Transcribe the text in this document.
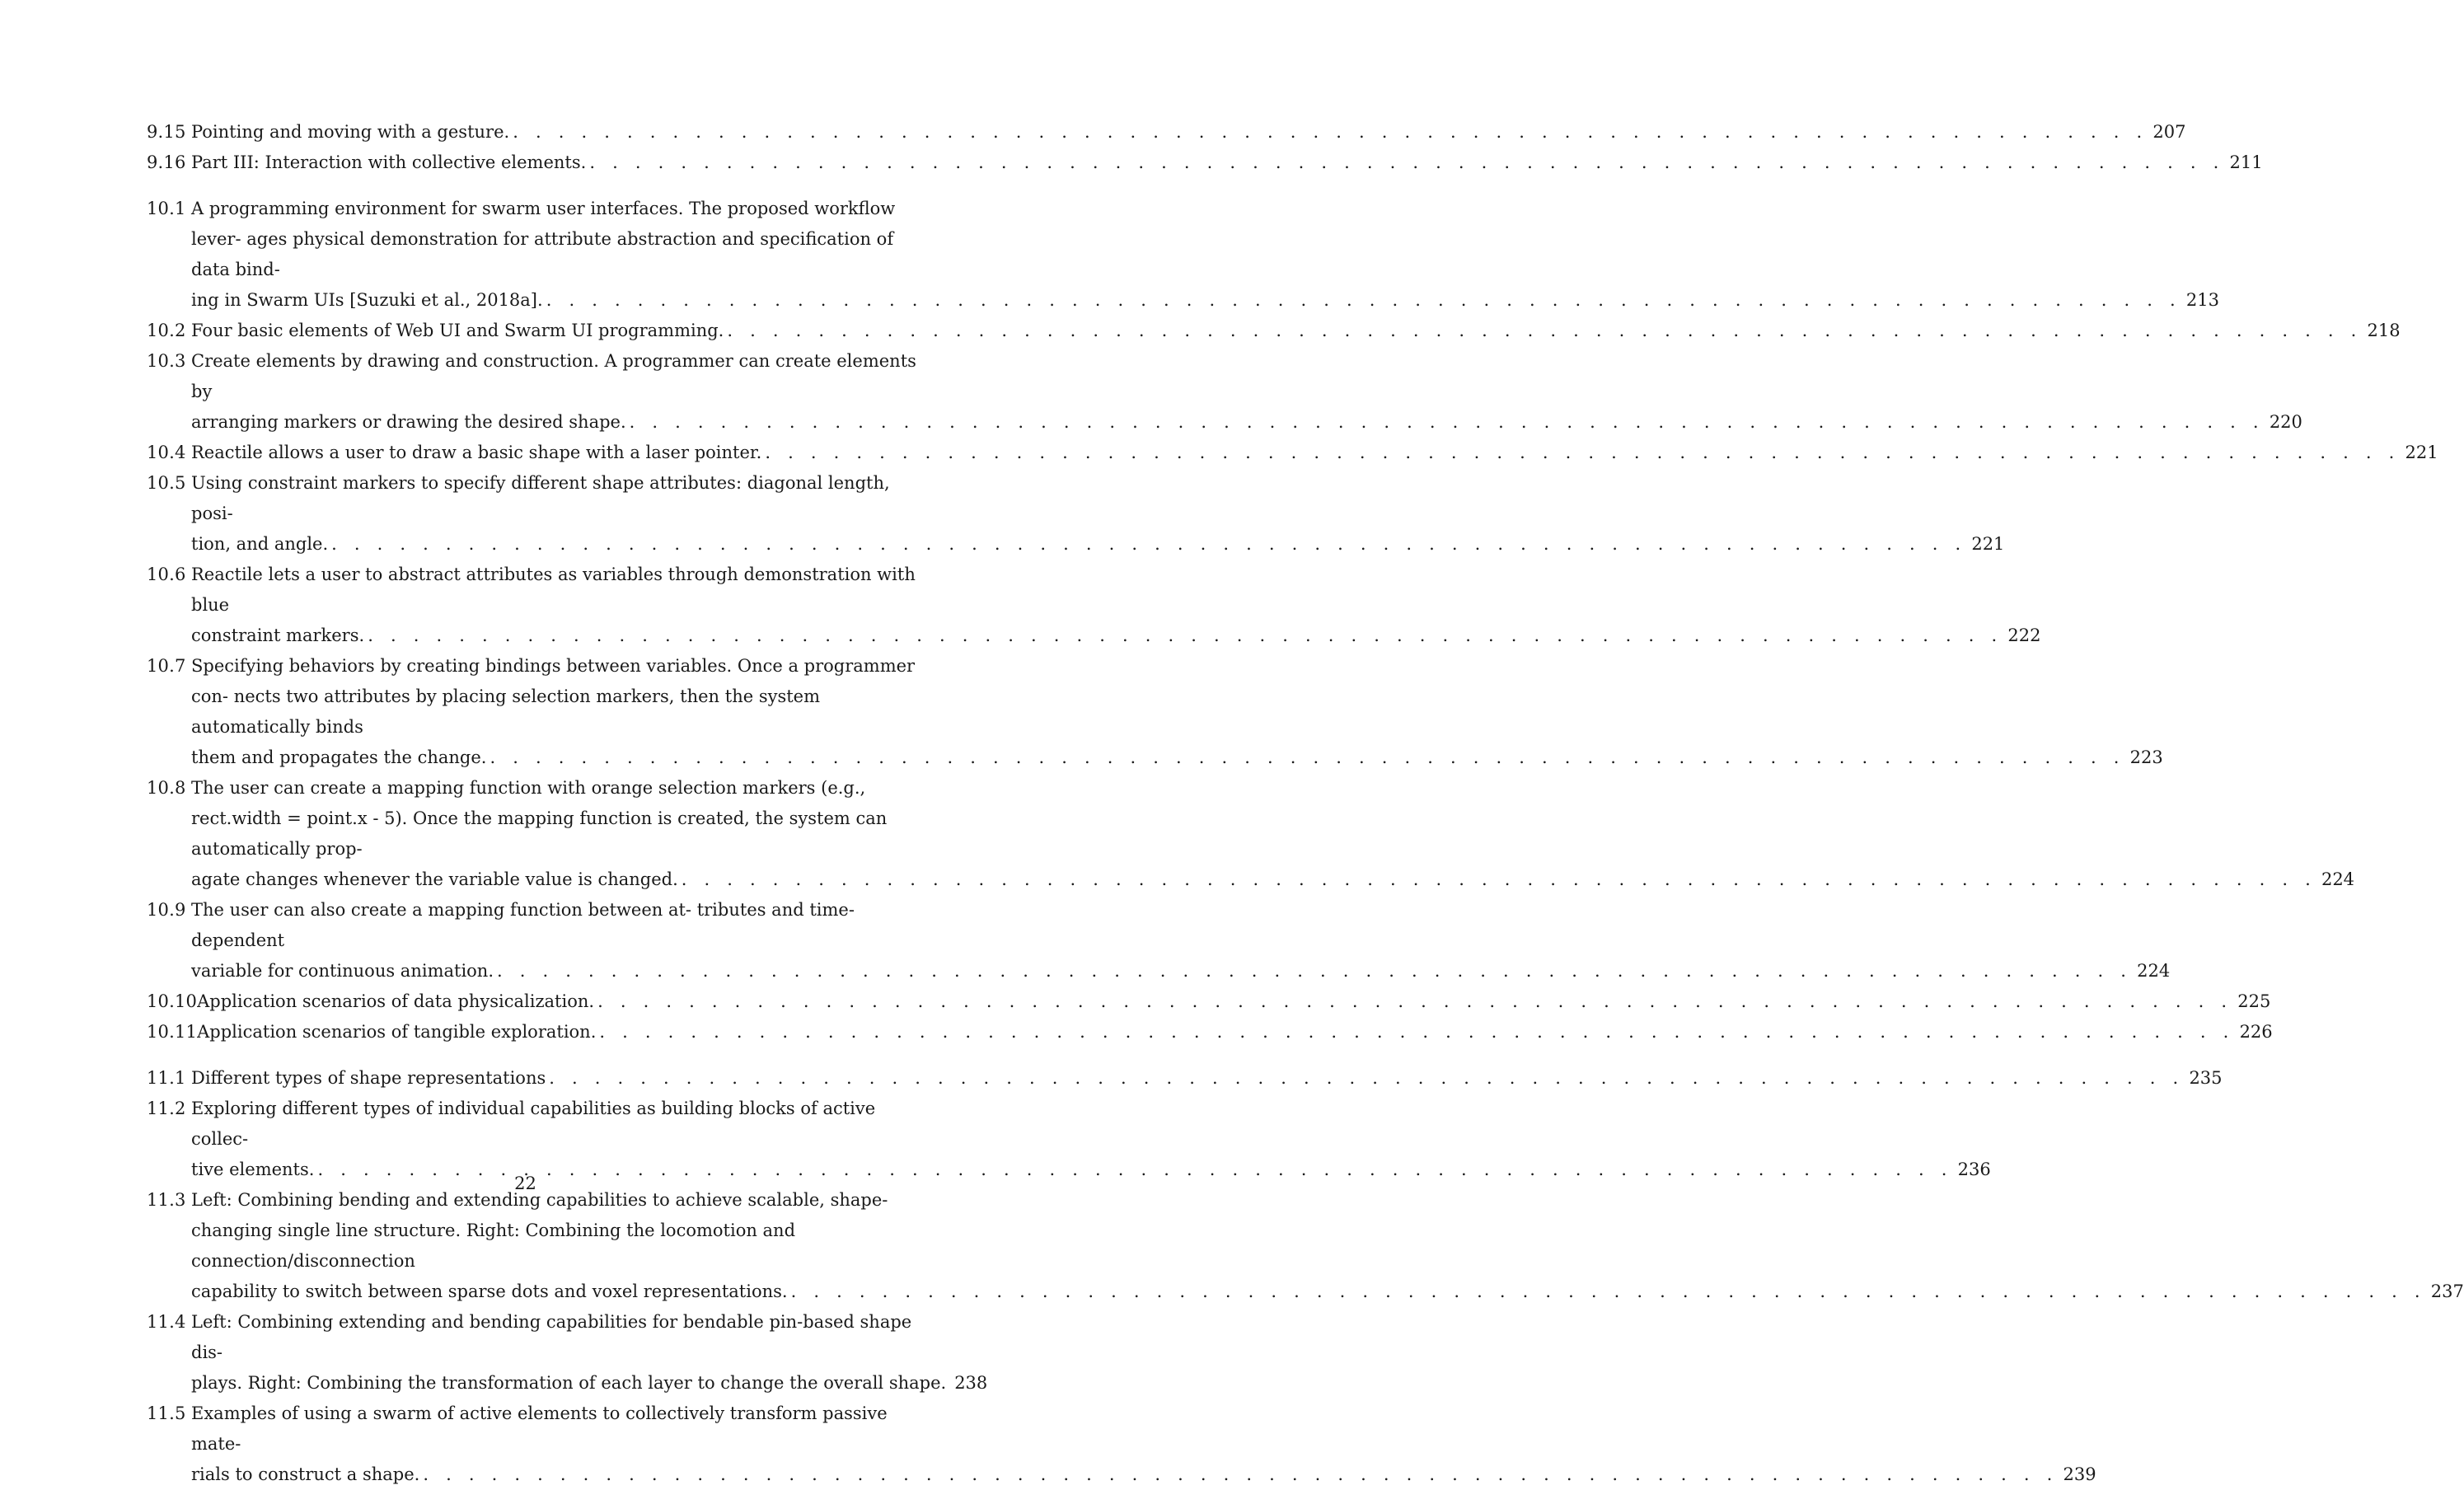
9.15 Pointing and moving with a gesture. . . . . . . . . . . . . . . . . . . . . . . . . . . . . . . . . . . . . . . . . . . . . . . . . . . . . . . . . . . . . . . . . . . . . . . . . 207
9.16 Part III: Interaction with collective elements. . . . . . . . . . . . . . . . . . . . . . . . . . . . . . . . . . . . . . . . . . . . . . . . . . . . . . . . . . . . . . . . . . . . . . . . . 211
10.1 A programming environment for swarm user interfaces. The proposed workflow lever- ages physical demonstration for attribute abstraction and specification of data bind-
ing in Swarm UIs [Suzuki et al., 2018a]. . . . . . . . . . . . . . . . . . . . . . . . . . . . . . . . . . . . . . . . . . . . . . . . . . . . . . . . . . . . . . . . . . . . . . . . . 213
10.2 Four basic elements of Web UI and Swarm UI programming. . . . . . . . . . . . . . . . . . . . . . . . . . . . . . . . . . . . . . . . . . . . . . . . . . . . . . . . . . . . . . . . . . . . . . . . . 218
10.3 Create elements by drawing and construction. A programmer can create elements by
arranging markers or drawing the desired shape. . . . . . . . . . . . . . . . . . . . . . . . . . . . . . . . . . . . . . . . . . . . . . . . . . . . . . . . . . . . . . . . . . . . . . . . . 220
10.4 Reactile allows a user to draw a basic shape with a laser pointer. . . . . . . . . . . . . . . . . . . . . . . . . . . . . . . . . . . . . . . . . . . . . . . . . . . . . . . . . . . . . . . . . . . . . . . . . 221
10.5 Using constraint markers to specify different shape attributes: diagonal length, posi-
tion, and angle. . . . . . . . . . . . . . . . . . . . . . . . . . . . . . . . . . . . . . . . . . . . . . . . . . . . . . . . . . . . . . . . . . . . . . . . . 221
10.6 Reactile lets a user to abstract attributes as variables through demonstration with blue
constraint markers. . . . . . . . . . . . . . . . . . . . . . . . . . . . . . . . . . . . . . . . . . . . . . . . . . . . . . . . . . . . . . . . . . . . . . . . . 222
10.7 Specifying behaviors by creating bindings between variables. Once a programmer con- nects two attributes by placing selection markers, then the system automatically binds
them and propagates the change. . . . . . . . . . . . . . . . . . . . . . . . . . . . . . . . . . . . . . . . . . . . . . . . . . . . . . . . . . . . . . . . . . . . . . . . . 223
10.8 The user can create a mapping function with orange selection markers (e.g., rect.width = point.x - 5). Once the mapping function is created, the system can automatically prop-
agate changes whenever the variable value is changed. . . . . . . . . . . . . . . . . . . . . . . . . . . . . . . . . . . . . . . . . . . . . . . . . . . . . . . . . . . . . . . . . . . . . . . . . 224
10.9 The user can also create a mapping function between at- tributes and time-dependent
variable for continuous animation. . . . . . . . . . . . . . . . . . . . . . . . . . . . . . . . . . . . . . . . . . . . . . . . . . . . . . . . . . . . . . . . . . . . . . . . . 224
10.10 Application scenarios of data physicalization. . . . . . . . . . . . . . . . . . . . . . . . . . . . . . . . . . . . . . . . . . . . . . . . . . . . . . . . . . . . . . . . . . . . . . . . . 225
10.11 Application scenarios of tangible exploration. . . . . . . . . . . . . . . . . . . . . . . . . . . . . . . . . . . . . . . . . . . . . . . . . . . . . . . . . . . . . . . . . . . . . . . . . 226
11.1 Different types of shape representations . . . . . . . . . . . . . . . . . . . . . . . . . . . . . . . . . . . . . . . . . . . . . . . . . . . . . . . . . . . . . . . . . . . . . . . . 235
11.2 Exploring different types of individual capabilities as building blocks of active collec-
tive elements. . . . . . . . . . . . . . . . . . . . . . . . . . . . . . . . . . . . . . . . . . . . . . . . . . . . . . . . . . . . . . . . . . . . . . . . . 236
11.3 Left: Combining bending and extending capabilities to achieve scalable, shape-changing single line structure. Right: Combining the locomotion and connection/disconnection
capability to switch between sparse dots and voxel representations. . . . . . . . . . . . . . . . . . . . . . . . . . . . . . . . . . . . . . . . . . . . . . . . . . . . . . . . . . . . . . . . . . . . . . . . . 237
11.4 Left: Combining extending and bending capabilities for bendable pin-based shape dis-
plays. Right: Combining the transformation of each layer to change the overall shape. 238
11.5 Examples of using a swarm of active elements to collectively transform passive mate-
rials to construct a shape. . . . . . . . . . . . . . . . . . . . . . . . . . . . . . . . . . . . . . . . . . . . . . . . . . . . . . . . . . . . . . . . . . . . . . . . . 239
22
